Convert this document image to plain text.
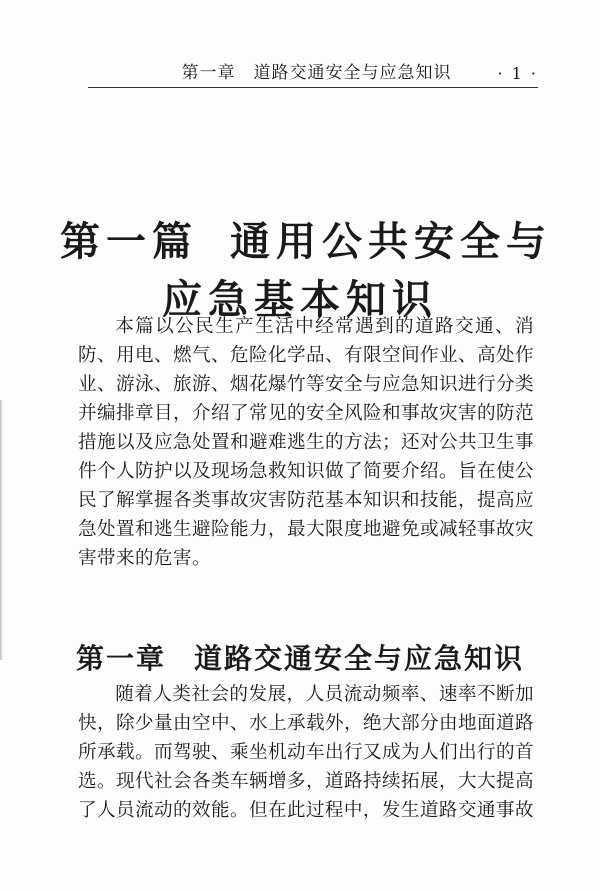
第一章　道路交通安全与应急知识	· 1 ·
第一篇 通用公共安全与
应急基本知识

本篇以公民生产生活中经常遇到的道路交通、消防、用电、燃气、危险化学品、有限空间作业、高处作业、游泳、旅游、烟花爆竹等安全与应急知识进行分类并编排章目，介绍了常见的安全风险和事故灾害的防范措施以及应急处置和避难逃生的方法；还对公共卫生事件个人防护以及现场急救知识做了简要介绍。旨在使公民了解掌握各类事故灾害防范基本知识和技能，提高应急处置和逃生避险能力，最大限度地避免或减轻事故灾害带来的危害。

第一章 道路交通安全与应急知识

随着人类社会的发展，人员流动频率、速率不断加快，除少量由空中、水上承载外，绝大部分由地面道路所承载。而驾驶、乘坐机动车出行又成为人们出行的首选。现代社会各类车辆增多，道路持续拓展，大大提高了人员流动的效能。但在此过程中，发生道路交通事故
